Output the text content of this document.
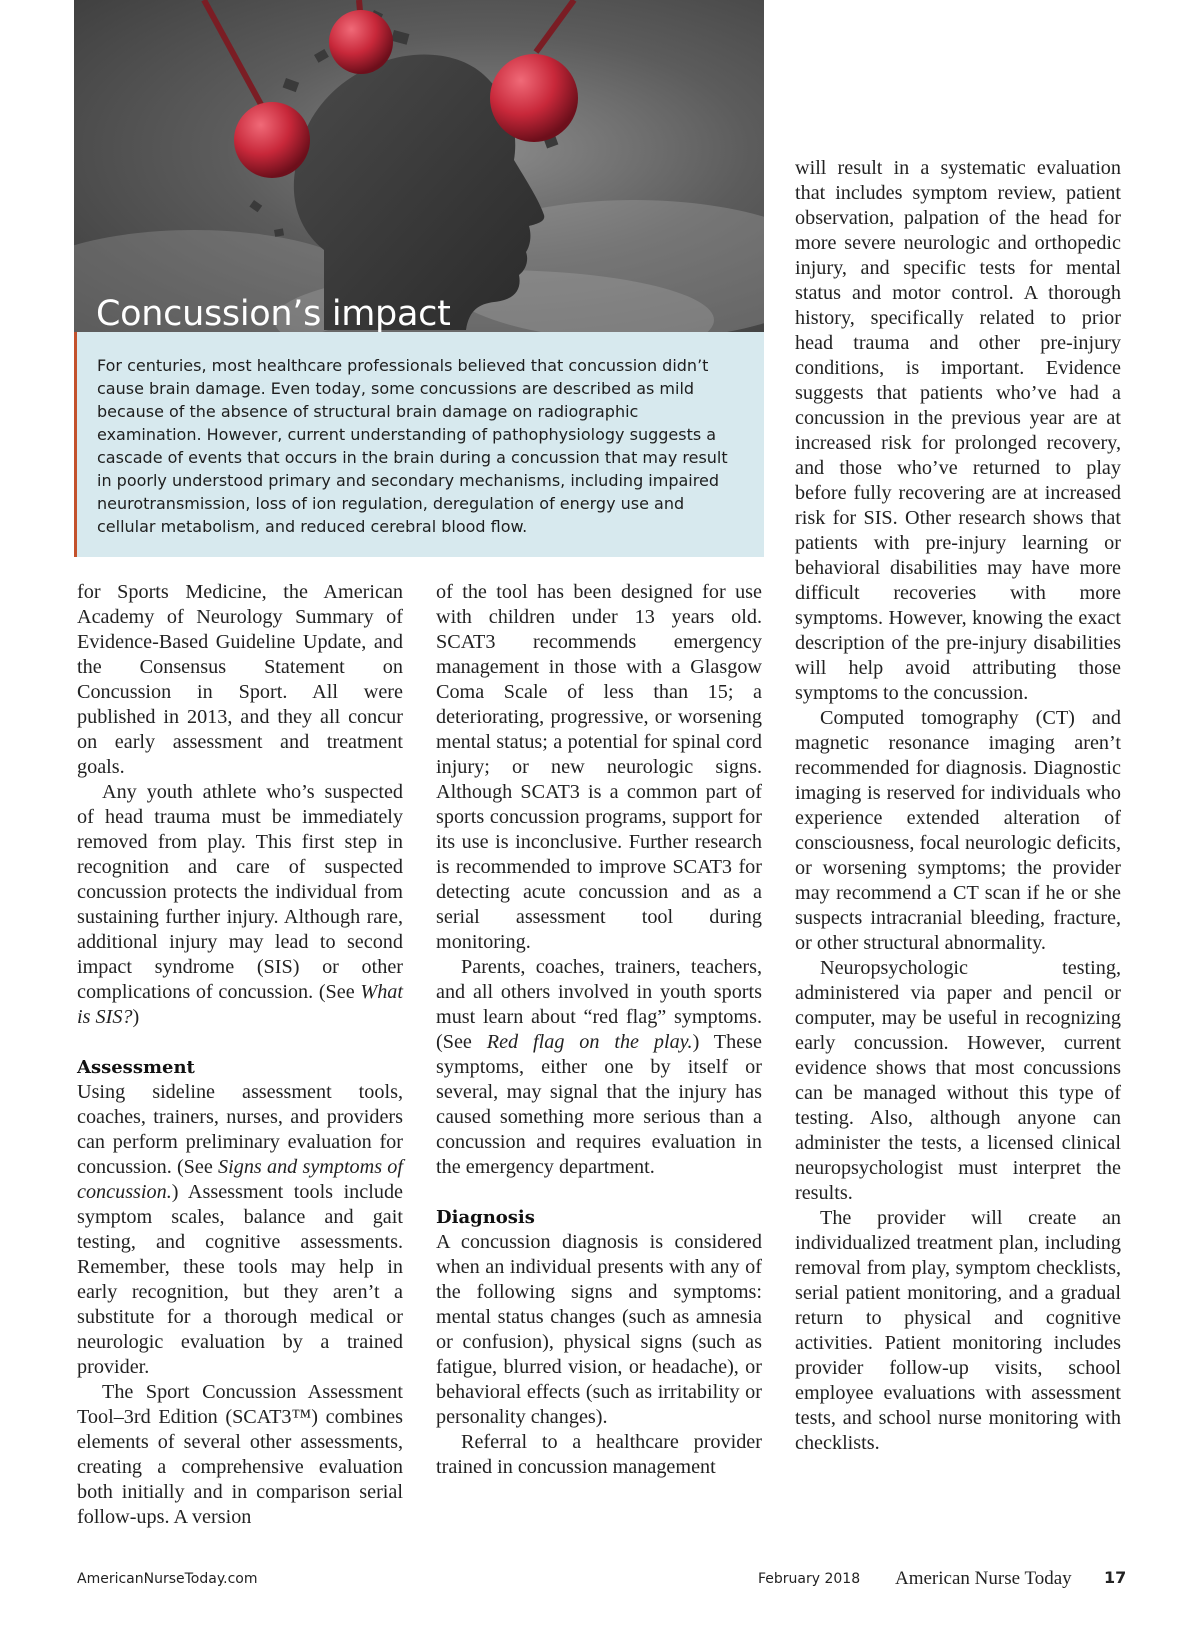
Concussion’s impact

For centuries, most healthcare professionals believed that concussion didn’t cause brain damage. Even today, some concussions are described as mild because of the absence of structural brain damage on radiographic examination. However, current understanding of pathophysiology suggests a cascade of events that occurs in the brain during a concussion that may result in poorly understood primary and secondary mechanisms, including impaired neurotransmission, loss of ion regulation, deregulation of energy use and cellular metabolism, and reduced cerebral blood flow.

for Sports Medicine, the American Academy of Neurology Summary of Evidence-Based Guideline Update, and the Consensus Statement on Concussion in Sport. All were published in 2013, and they all concur on early assessment and treatment goals.

Any youth athlete who’s suspected of head trauma must be immediately removed from play. This first step in recognition and care of suspected concussion protects the individual from sustaining further injury. Although rare, additional injury may lead to second impact syndrome (SIS) or other complications of concussion. (See What is SIS?)

Assessment

Using sideline assessment tools, coaches, trainers, nurses, and providers can perform preliminary evaluation for concussion. (See Signs and symptoms of concussion.) Assessment tools include symptom scales, balance and gait testing, and cognitive assessments. Remember, these tools may help in early recognition, but they aren’t a substitute for a thorough medical or neurologic evaluation by a trained provider.

The Sport Concussion Assessment Tool–3rd Edition (SCAT3™) combines elements of several other assessments, creating a comprehensive evaluation both initially and in comparison serial follow-ups. A version

of the tool has been designed for use with children under 13 years old. SCAT3 recommends emergency management in those with a Glasgow Coma Scale of less than 15; a deteriorating, progressive, or worsening mental status; a potential for spinal cord injury; or new neurologic signs. Although SCAT3 is a common part of sports concussion programs, support for its use is inconclusive. Further research is recommended to improve SCAT3 for detecting acute concussion and as a serial assessment tool during monitoring.

Parents, coaches, trainers, teachers, and all others involved in youth sports must learn about “red flag” symptoms. (See Red flag on the play.) These symptoms, either one by itself or several, may signal that the injury has caused something more serious than a concussion and requires evaluation in the emergency department.

Diagnosis

A concussion diagnosis is considered when an individual presents with any of the following signs and symptoms: mental status changes (such as amnesia or confusion), physical signs (such as fatigue, blurred vision, or headache), or behavioral effects (such as irritability or personality changes).

Referral to a healthcare provider trained in concussion management

will result in a systematic evaluation that includes symptom review, patient observation, palpation of the head for more severe neurologic and orthopedic injury, and specific tests for mental status and motor control. A thorough history, specifically related to prior head trauma and other pre-injury conditions, is important. Evidence suggests that patients who’ve had a concussion in the previous year are at increased risk for prolonged recovery, and those who’ve returned to play before fully recovering are at increased risk for SIS. Other research shows that patients with pre-injury learning or behavioral disabilities may have more difficult recoveries with more symptoms. However, knowing the exact description of the pre-injury disabilities will help avoid attributing those symptoms to the concussion.

Computed tomography (CT) and magnetic resonance imaging aren’t recommended for diagnosis. Diagnostic imaging is reserved for individuals who experience extended alteration of consciousness, focal neurologic deficits, or worsening symptoms; the provider may recommend a CT scan if he or she suspects intracranial bleeding, fracture, or other structural abnormality.

Neuropsychologic testing, administered via paper and pencil or computer, may be useful in recognizing early concussion. However, current evidence shows that most concussions can be managed without this type of testing. Also, although anyone can administer the tests, a licensed clinical neuropsychologist must interpret the results.

The provider will create an individualized treatment plan, including removal from play, symptom checklists, serial patient monitoring, and a gradual return to physical and cognitive activities. Patient monitoring includes provider follow-up visits, school employee evaluations with assessment tests, and school nurse monitoring with checklists.

AmericanNurseToday.com	February 2018 American Nurse Today 17
